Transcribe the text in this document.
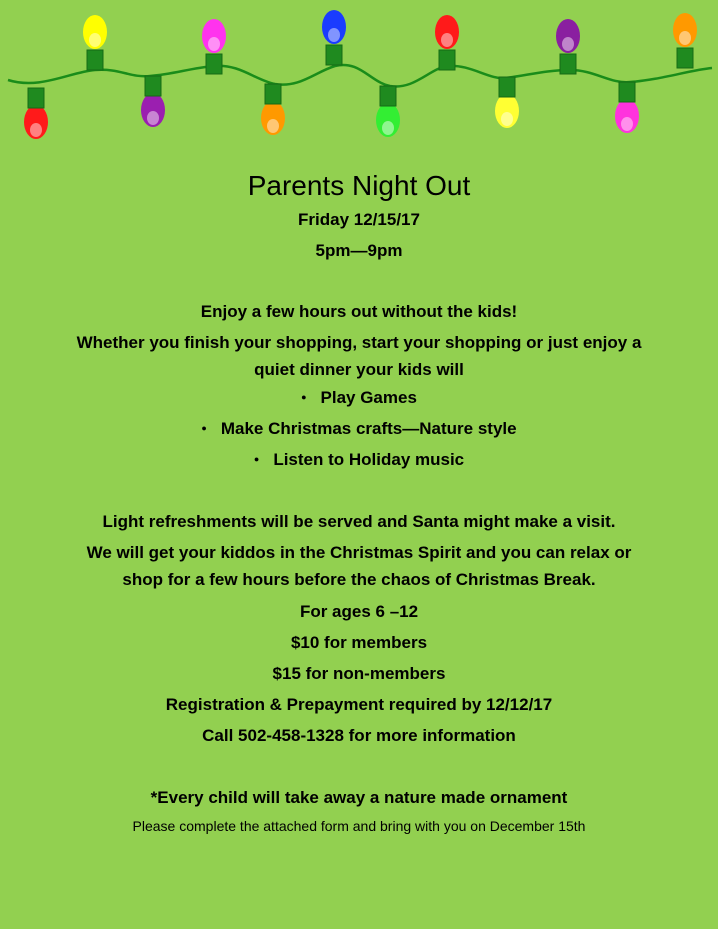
Parents Night Out

Friday 12/15/17

5pm—9pm

Enjoy a few hours out without the kids!

Whether you finish your shopping, start your shopping or just enjoy a

quiet dinner your kids will

● Play Games
● Make Christmas crafts—Nature style
● Listen to Holiday music

Light refreshments will be served and Santa might make a visit.

We will get your kiddos in the Christmas Spirit and you can relax or

shop for a few hours before the chaos of Christmas Break.

For ages 6 –12

$10 for members

$15 for non-members

Registration & Prepayment required by 12/12/17

Call 502-458-1328 for more information

*Every child will take away a nature made ornament

Please complete the attached form and bring with you on December 15th
